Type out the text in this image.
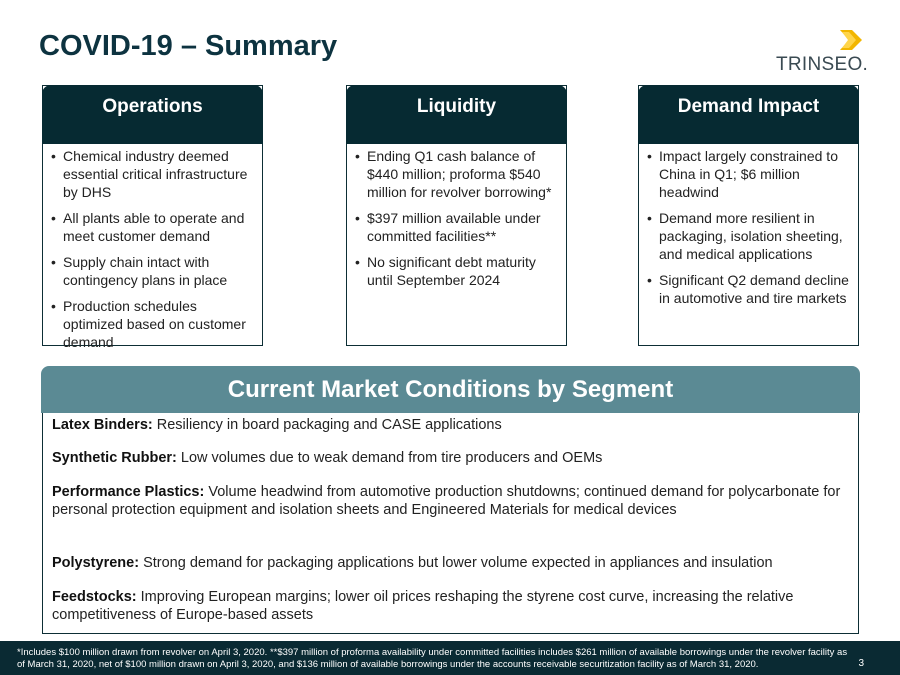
COVID-19 – Summary
TRINSEO.
Operations
• Chemical industry deemed essential critical infrastructure by DHS
• All plants able to operate and meet customer demand
• Supply chain intact with contingency plans in place
• Production schedules optimized based on customer demand
Liquidity
• Ending Q1 cash balance of $440 million; proforma $540 million for revolver borrowing*
• $397 million available under committed facilities**
• No significant debt maturity until September 2024
Demand Impact
• Impact largely constrained to China in Q1; $6 million headwind
• Demand more resilient in packaging, isolation sheeting, and medical applications
• Significant Q2 demand decline in automotive and tire markets
Current Market Conditions by Segment
Latex Binders: Resiliency in board packaging and CASE applications
Synthetic Rubber: Low volumes due to weak demand from tire producers and OEMs
Performance Plastics: Volume headwind from automotive production shutdowns; continued demand for polycarbonate for personal protection equipment and isolation sheets and Engineered Materials for medical devices
Polystyrene: Strong demand for packaging applications but lower volume expected in appliances and insulation
Feedstocks: Improving European margins; lower oil prices reshaping the styrene cost curve, increasing the relative competitiveness of Europe-based assets
*Includes $100 million drawn from revolver on April 3, 2020. **$397 million of proforma availability under committed facilities includes $261 million of available borrowings under the revolver facility as of March 31, 2020, net of $100 million drawn on April 3, 2020, and $136 million of available borrowings under the accounts receivable securitization facility as of March 31, 2020.	3
